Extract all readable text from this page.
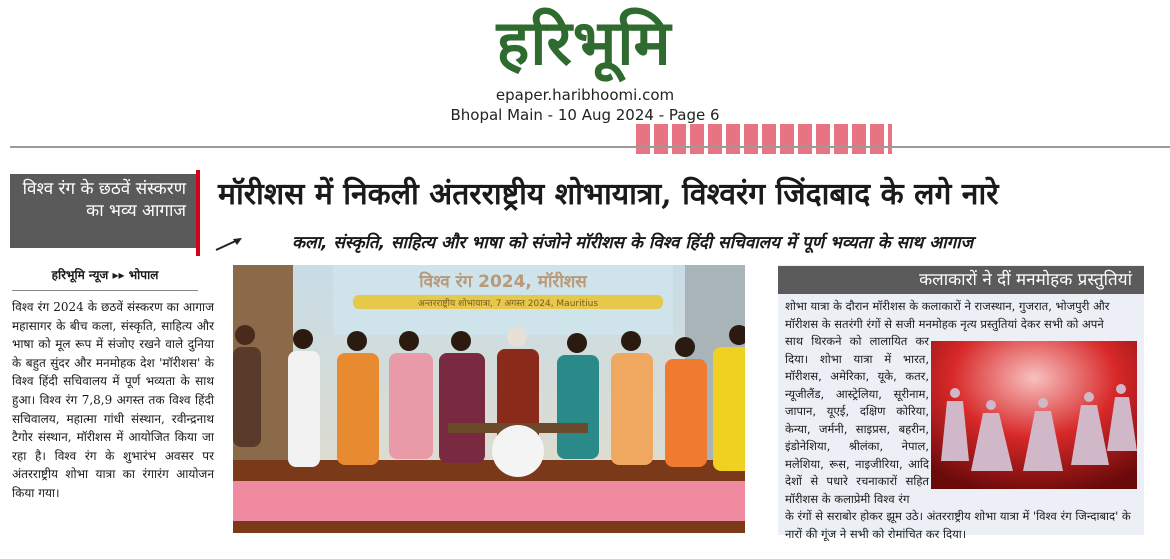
हरिभूमि
epaper.haribhoomi.com
Bhopal Main - 10 Aug 2024 - Page 6
विश्व रंग के छठवें संस्करण का भव्य आगाज	मॉरीशस में निकली अंतरराष्ट्रीय शोभायात्रा, विश्वरंग जिंदाबाद के लगे नारे
कला, संस्कृति, साहित्य और भाषा को संजोने मॉरीशस के विश्व हिंदी सचिवालय में पूर्ण भव्यता के साथ आगाज
हरिभूमि न्यूज ▸▸ भोपाल
विश्व रंग 2024 के छठवें संस्करण का आगाज महासागर के बीच कला, संस्कृति, साहित्य और भाषा को मूल रूप में संजोए रखने वाले दुनिया के बहुत सुंदर और मनमोहक देश 'मॉरीशस' के विश्व हिंदी सचिवालय में पूर्ण भव्यता के साथ हुआ। विश्व रंग 7,8,9 अगस्त तक विश्व हिंदी सचिवालय, महात्मा गांधी संस्थान, रवीन्द्रनाथ टैगोर संस्थान, मॉरीशस में आयोजित किया जा रहा है। विश्व रंग के शुभारंभ अवसर पर अंतरराष्ट्रीय शोभा यात्रा का रंगारंग आयोजन किया गया।
विश्व रंग 2024, मॉरीशस
अन्तरराष्ट्रीय शोभायात्रा, 7 अगस्त 2024, Mauritius
कलाकारों ने दीं मनमोहक प्रस्तुतियां
शोभा यात्रा के दौरान मॉरीशस के कलाकारों ने राजस्थान, गुजरात, भोजपुरी और मॉरीशस के सतरंगी रंगों से सजी मनमोहक नृत्य प्रस्तुतियां देकर सभी को अपने
साथ थिरकने को लालायित कर दिया। शोभा यात्रा में भारत, मॉरीशस, अमेरिका, यूके, कतर, न्यूजीलैंड, आस्ट्रेलिया, सूरीनाम, जापान, यूएई, दक्षिण कोरिया, केन्या, जर्मनी, साइप्रस, बहरीन, इंडोनेशिया, श्रीलंका, नेपाल, मलेशिया, रूस, नाइजीरिया, आदि देशों से पधारे रचनाकारों सहित मॉरीशस के कलाप्रेमी विश्व रंग
के रंगों से सराबोर होकर झूम उठे। अंतरराष्ट्रीय शोभा यात्रा में 'विश्व रंग जिन्दाबाद' के नारों की गूंज ने सभी को रोमांचित कर दिया।
